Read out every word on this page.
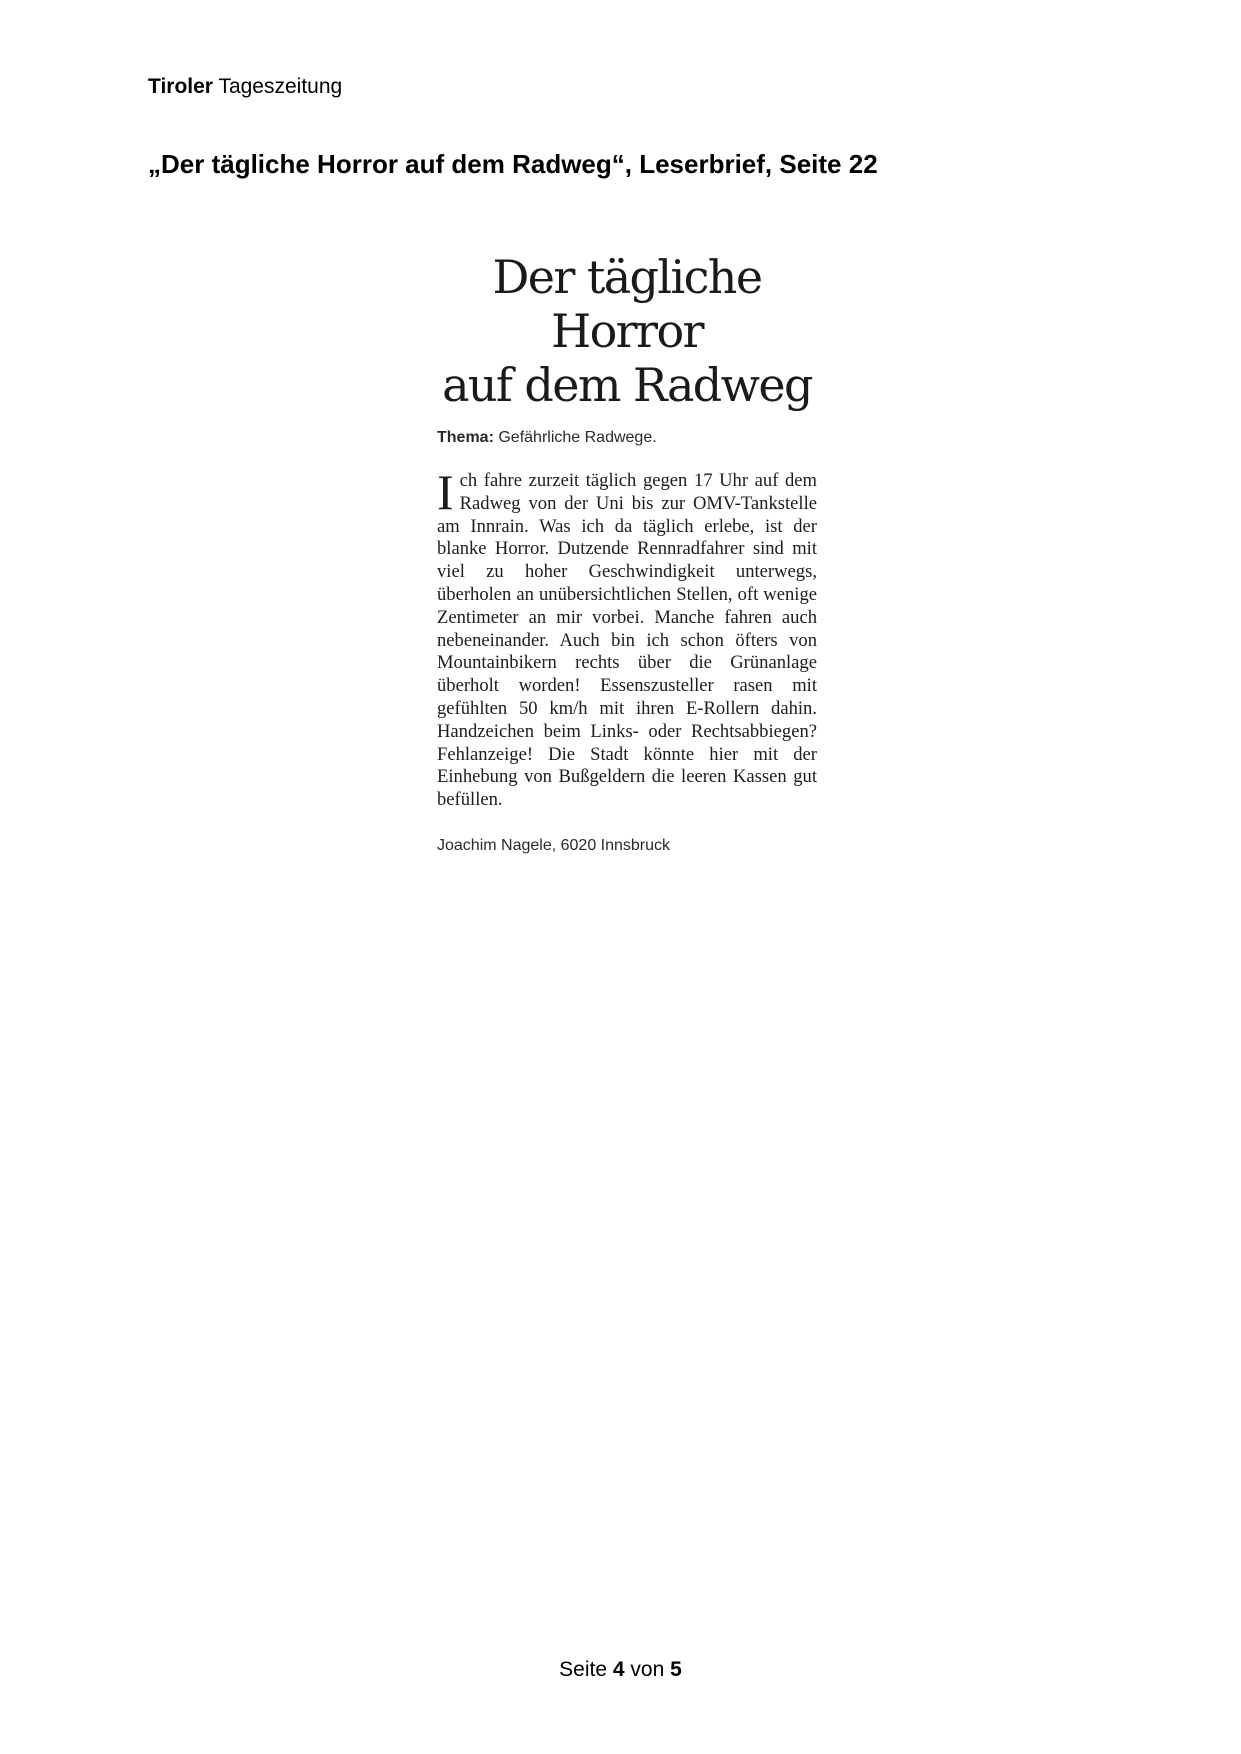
Tiroler Tageszeitung
„Der tägliche Horror auf dem Radweg“, Leserbrief, Seite 22
Der tägliche Horror
auf dem Radweg
Thema: Gefährliche Radwege.
Ich fahre zurzeit täglich gegen 17 Uhr auf dem Radweg von der Uni bis zur OMV-Tankstelle am Innrain. Was ich da täglich erlebe, ist der blanke Horror. Dutzende Rennradfahrer sind mit viel zu hoher Geschwindigkeit unterwegs, überholen an unübersichtlichen Stellen, oft wenige Zentimeter an mir vorbei. Manche fahren auch nebeneinander. Auch bin ich schon öfters von Mountainbikern rechts über die Grünanlage überholt worden! Essenszusteller rasen mit gefühlten 50 km/h mit ihren E-Rollern dahin. Handzeichen beim Links- oder Rechtsabbiegen? Fehlanzeige! Die Stadt könnte hier mit der Einhebung von Bußgeldern die leeren Kassen gut befüllen.
Joachim Nagele, 6020 Innsbruck
Seite 4 von 5
